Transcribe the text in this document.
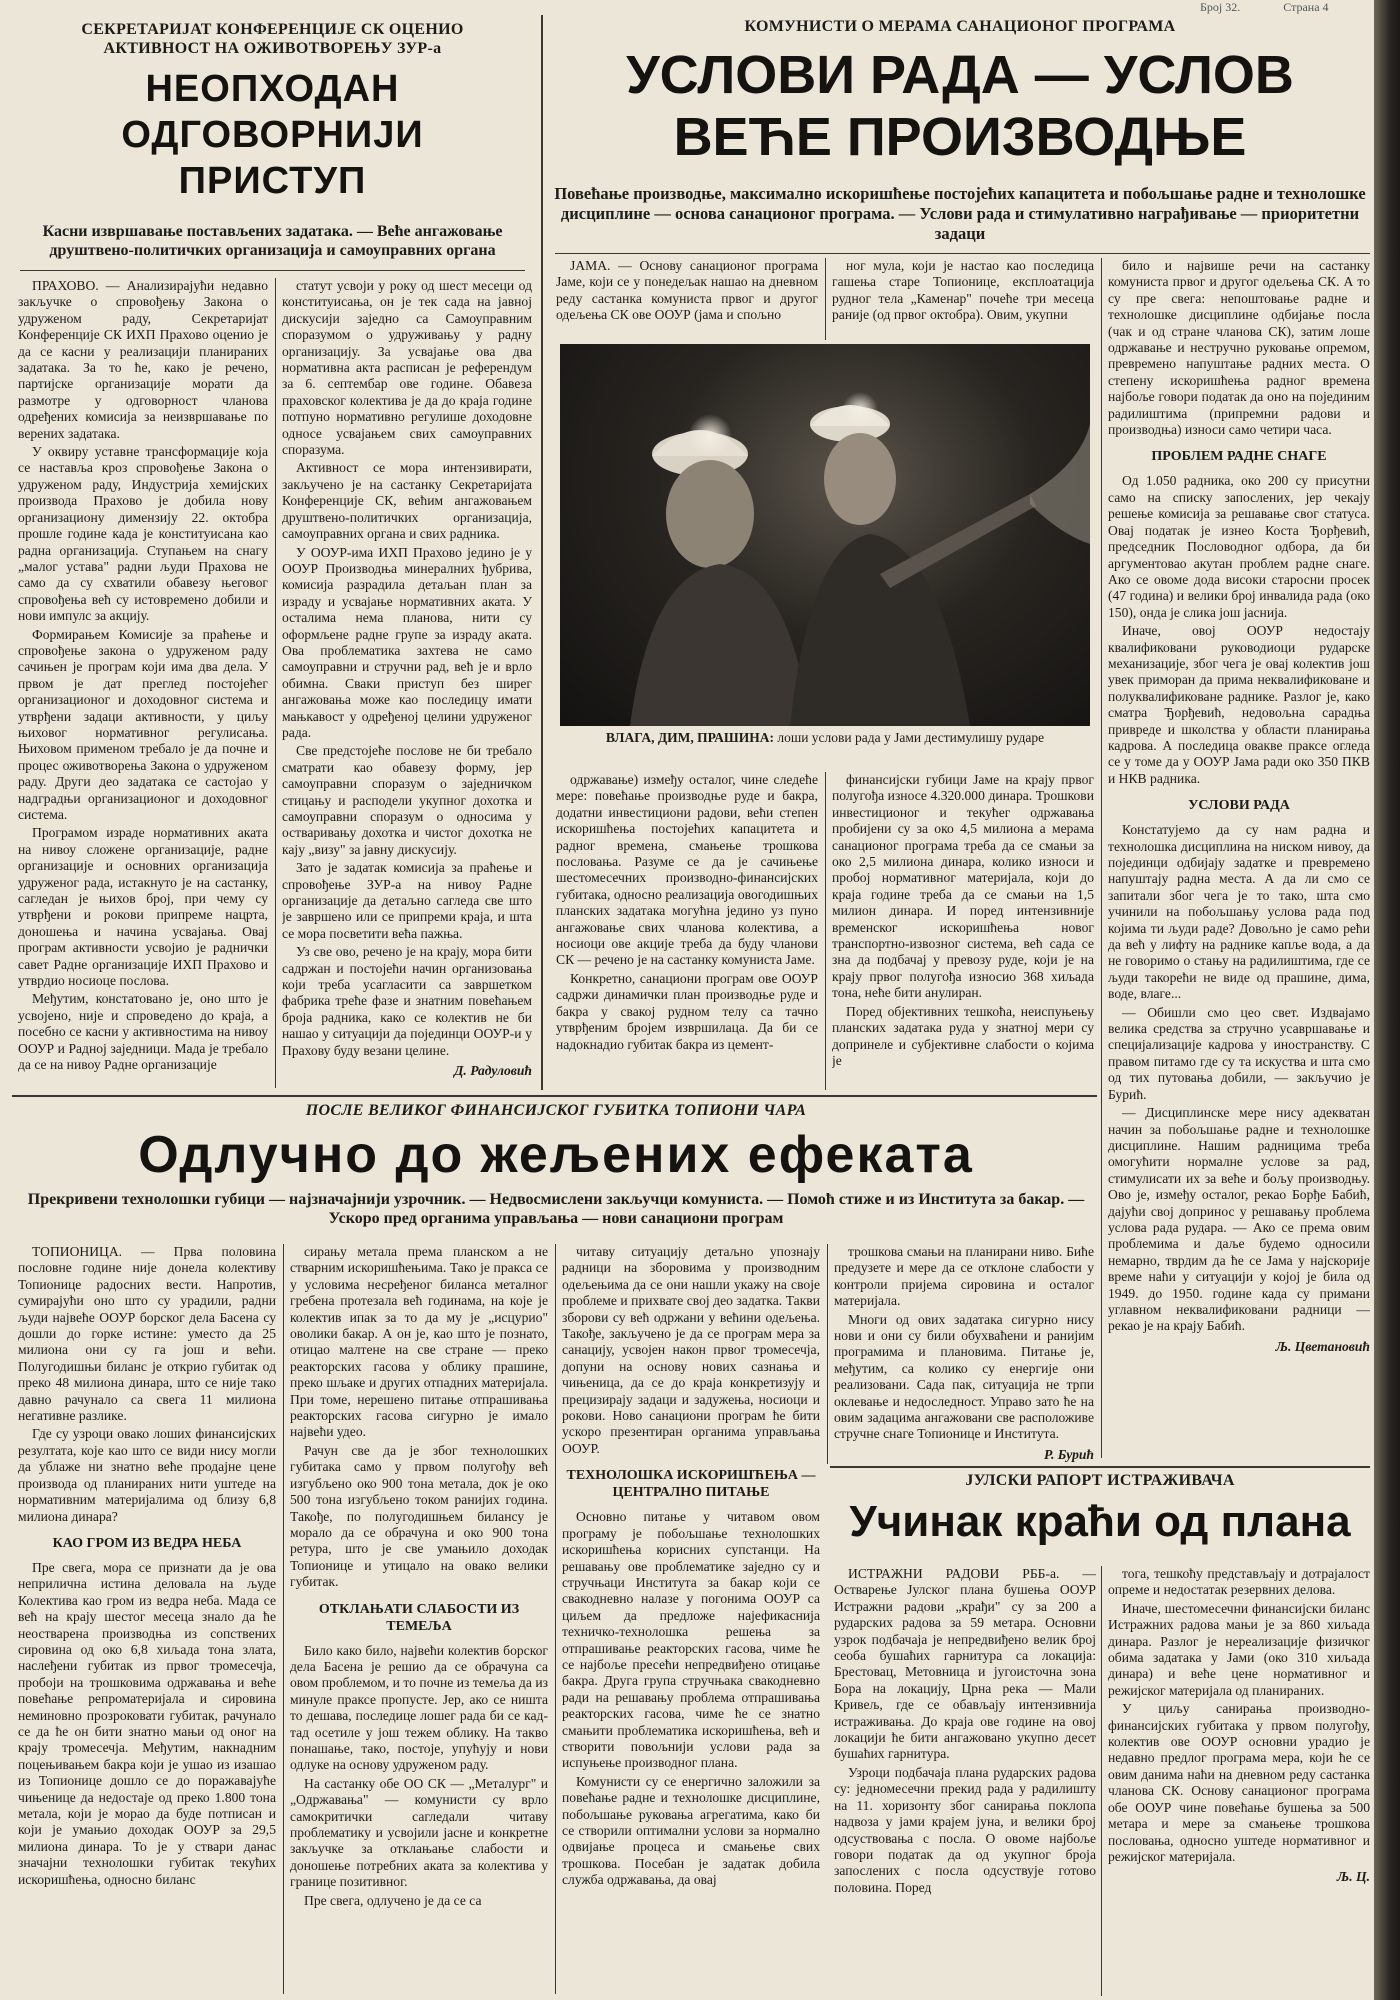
Број 32.	Страна 4
СЕКРЕТАРИЈАТ КОНФЕРЕНЦИЈЕ СК ОЦЕНИО АКТИВНОСТ НА ОЖИВОТВОРЕЊУ ЗУР-а
НЕОПХОДАН ОДГОВОРНИЈИ ПРИСТУП
Касни извршавање постављених задатака. — Веће ангажовање друштвено-политичких организација и самоуправних органа

ПРАХОВО. — Анализирајући недавно закључке о спровођењу Закона о удруженом раду, Секретаријат Конференције СК ИХП Прахово оценио је да се касни у реализацији планираних задатака. За то ће, како је речено, партијске организације морати да размотре у одговорност чланова одређених комисија за неизвршавање по верених задатака.

У оквиру уставне трансформације која се наставља кроз спровођење Закона о удруженом раду, Индустрија хемијских производа Прахово је добила нову организациону димензију 22. октобра прошле године када је конституисана као радна организација. Ступањем на снагу „малог устава" радни људи Прахова не само да су схватили обавезу његовог спровођења већ су истовремено добили и нови импулс за акцију.

Формирањем Комисије за праћење и спровођење закона о удруженом раду сачињен је програм који има два дела. У првом је дат преглед постојећег организационог и доходовног система и утврђени задаци активности, у циљу њиховог нормативног регулисања. Њиховом применом требало је да почне и процес оживотворења Закона о удруженом раду. Други део задатака се састојао у надградњи организационог и доходовног система.

Програмом израде нормативних аката на нивоу сложене организације, радне организације и основних организација удруженог рада, истакнуто је на састанку, сагледан је њихов број, при чему су утврђени и рокови припреме нацрта, доношења и начина усвајања. Овај програм активности усвојио је раднички савет Радне организације ИХП Прахово и утврдио носиоце послова.

Међутим, констатовано је, оно што је усвојено, није и спроведено до краја, а посебно се касни у активностима на нивоу ООУР и Радној заједници. Мада је требало да се на нивоу Радне организације

статут усвоји у року од шест месеци од конституисања, он је тек сада на јавној дискусији заједно са Самоуправним споразумом о удруживању у радну организацију. За усвајање ова два нормативна акта расписан је референдум за 6. септембар ове године. Обавеза праховског колектива је да до краја године потпуно нормативно регулише доходовне односе усвајањем свих самоуправних споразума.

Активност се мора интензивирати, закључено је на састанку Секретаријата Конференције СК, већим ангажовањем друштвено-политичких организација, самоуправних органа и свих радника.

У ООУР-има ИХП Прахово једино је у ООУР Производња минералних ђубрива, комисија разрадила детаљан план за израду и усвајање нормативних аката. У осталима нема планова, нити су оформљене радне групе за израду аката. Ова проблематика захтева не само самоуправни и стручни рад, већ је и врло обимна. Сваки приступ без ширег ангажовања може као последицу имати мањкавост у одређеној целини удруженог рада.

Све предстојеће послове не би требало сматрати као обавезу форму, јер самоуправни споразум о заједничком стицању и расподели укупног дохотка и самоуправни споразум о односима у остваривању дохотка и чистог дохотка не кају „визу" за јавну дискусију.

Зато је задатак комисија за праћење и спровођење ЗУР-а на нивоу Радне организације да детаљно сагледа све што је завршено или се припреми краја, и шта се мора посветити већа пажња.

Уз све ово, речено је на крају, мора бити садржан и постојећи начин организовања који треба усагласити са завршетком фабрика треће фазе и знатним повећањем броја радника, како се колектив не би нашао у ситуацији да појединци ООУР-и у Прахову буду везани целине.

Д. Радуловић

КОМУНИСТИ О МЕРАМА САНАЦИОНОГ ПРОГРАМА
УСЛОВИ РАДА — УСЛОВ ВЕЋЕ ПРОИЗВОДЊЕ
Повећање производње, максимално искоришћење постојећих капацитета и побољшање радне и технолошке дисциплине — основа санационог програма. — Услови рада и стимулативно награђивање — приоритетни задаци

ЈАМА. — Основу санационог програма Јаме, који се у понедељак нашао на дневном реду састанка комуниста првог и другог одељења СК ове ООУР (јама и спољно

ног мула, који је настао као последица гашења старе Топионице, експлоатација рудног тела „Каменар" почеће три месеца раније (од првог октобра). Овим, укупни

ВЛАГА, ДИМ, ПРАШИНА: лоши услови рада у Јами дестимулишу рударе

одржавање) између осталог, чине следеће мере: повећање производње руде и бакра, додатни инвестициони радови, већи степен искоришћења постојећих капацитета и радног времена, смањење трошкова пословања. Разуме се да је сачињење шестомесечних производно-финансијских губитака, односно реализација овогодишњих планских задатака могућна једино уз пуно ангажовање свих чланова колектива, а носиоци ове акције треба да буду чланови СК — речено је на састанку комуниста Јаме.

Конкретно, санациони програм ове ООУР садржи динамички план производње руде и бакра у свакој рудном телу са тачно утврђеним бројем извршилаца. Да би се надокнадио губитак бакра из цемент-

финансијски губици Јаме на крају првог полугођа износе 4.320.000 динара. Трошкови инвестиционог и текућег одржавања пробијени су за око 4,5 милиона а мерама санационог програма треба да се смањи за око 2,5 милиона динара, колико износи и пробој нормативног материјала, који до краја године треба да се смањи на 1,5 милион динара. И поред интензивније временског искоришћења новог транспортно-извозног система, већ сада се зна да подбачај у превозу руде, који је на крају првог полугођа износио 368 хиљада тона, неће бити анулиран.

Поред објективних тешкоћа, неиспуњењу планских задатака руда у знатној мери су допринеле и субјективне слабости о којима је

било и највише речи на састанку комуниста првог и другог одељења СК. А то су пре свега: непоштовање радне и технолошке дисциплине одбијање посла (чак и од стране чланова СК), затим лоше одржавање и нестручно руковање опремом, превремено напуштање радних места. О степену искоришћења радног времена најбоље говори податак да оно на појединим радилиштима (припремни радови и производња) износи само четири часа.

ПРОБЛЕМ РАДНЕ СНАГЕ

Од 1.050 радника, око 200 су присутни само на списку запослених, јер чекају решење комисија за решавање свог статуса. Овај податак је изнео Коста Ђорђевић, председник Пословодног одбора, да би аргументовао акутан проблем радне снаге. Ако се овоме дода високи старосни просек (47 година) и велики број инвалида рада (око 150), онда је слика још јаснија.

Иначе, овој ООУР недостају квалификовани руководиоци рударске механизације, због чега је овај колектив још увек приморан да прима неквалификоване и полуквалификоване раднике. Разлог је, како сматра Ђорђевић, недовољна сарадња привреде и школства у области планирања кадрова. А последица овакве праксе огледа се у томе да у ООУР Јама ради око 350 ПКВ и НКВ радника.

УСЛОВИ РАДА

Констатујемо да су нам радна и технолошка дисциплина на ниском нивоу, да појединци одбијају задатке и превремено напуштају радна места. А да ли смо се запитали због чега је то тако, шта смо учинили на побољшању услова рада под којима ти људи раде? Довољно је само рећи да већ у лифту на раднике капље вода, а да не говоримо о стању на радилиштима, где се људи такорећи не виде од прашине, дима, воде, влаге...

— Обишли смо цео свет. Издвајамо велика средства за стручно усавршавање и специјализације кадрова у иностранству. С правом питамо где су та искуства и шта смо од тих путовања добили, — закључио је Бурић.

— Дисциплинске мере нису адекватан начин за побољшање радне и технолошке дисциплине. Нашим радницима треба омогућити нормалне услове за рад, стимулисати их за веће и бољу производњу. Ово је, између осталог, рекао Борђе Бабић, дајући свој допринос у решавању проблема услова рада рудара. — Ако се према овим проблемима и даље будемо односили немарно, тврдим да ће се Јама у најскорије време наћи у ситуацији у којој је била од 1949. до 1950. године када су примани углавном неквалификовани радници — рекао је на крају Бабић.

Љ. Цветановић

ПОСЛЕ ВЕЛИКОГ ФИНАНСИЈСКОГ ГУБИТКА ТОПИОНИ ЧАРА
Одлучно до жељених ефеката
Прекривени технолошки губици — најзначајнији узрочник. — Недвосмислени закључци комуниста. — Помоћ стиже и из Института за бакар. — Ускоро пред органима управљања — нови санациони програм

ТОПИОНИЦА. — Прва половина пословне године није донела колективу Топионице радосних вести. Напротив, сумирајући оно што су урадили, радни људи највеће ООУР борског дела Басена су дошли до горке истине: уместо да 25 милиона они су га још и већи. Полугодишњи биланс је открио губитак од преко 48 милиона динара, што се није тако давно рачунало са свега 11 милиона негативне разлике.

Где су узроци овако лоших финансијских резултата, које као што се види нису могли да ублаже ни знатно веће продајне цене производа од планираних нити уштеде на нормативним материјалима од близу 6,8 милиона динара?

КАО ГРОМ ИЗ ВЕДРА НЕБА

Пре свега, мора се признати да је ова неприлична истина деловала на људе Колектива као гром из ведра неба. Мада се већ на крају шестог месеца знало да ће неостварена производња из сопствених сировина од око 6,8 хиљада тона злата, наслеђени губитак из првог тромесечја, пробоји на трошковима одржавања и веће повећање репроматеријала и сировина неминовно прозроковати губитак, рачунало се да ће он бити знатно мањи од оног на крају тромесечја. Међутим, накнадним поцењивањем бакра који је ушао из изашао из Топионице дошло се до поражавајуће чињенице да недостаје од преко 1.800 тона метала, који је морао да буде потписан и који је умањио доходак ООУР за 29,5 милиона динара. То је у ствари данас значајни технолошки губитак текућих искоришћења, односно биланс

сирању метала према планском а не стварним искоришћењима. Тако је пракса се у условима несређеног биланса металног гребена протезала већ годинама, на које је колектив ипак за то да му је „исцурио" оволики бакар. А он је, као што је познато, отицао малтене на све стране — преко реакторских гасова у облику прашине, преко шљаке и других отпадних материјала. При томе, нерешено питање отпрашивања реакторских гасова сигурно је имало највећи удео.

Рачун све да је због технолошких губитака само у првом полугођу већ изгубљено око 900 тона метала, док је око 500 тона изгубљено током ранијих година. Такође, по полугодишњем билансу је морало да се обрачуна и око 900 тона ретура, што је све умањило доходак Топионице и утицало на овако велики губитак.

ОТКЛАЊАТИ СЛАБОСТИ ИЗ ТЕМЕЉА

Било како било, највећи колектив борског дела Басена је решио да се обрачуна са овом проблемом, и то почне из темеља да из минуле праксе пропусте. Јер, ако се ништа то дешава, последице лошег рада би се кад-тад осетиле у још тежем облику. На такво понашање, тако, постоје, упућују и нови одлуке на основу удруженом раду.

На састанку обе ОО СК — „Металург" и „Одржавања" — комунисти су врло самокритички сагледали читаву проблематику и усвојили јасне и конкретне закључке за отклањање слабости и доношење потребних аката за колектива у границе позитивног.

Пре свега, одлучено је да се са

читаву ситуацију детаљно упознају радници на зборовима у производним одељењима да се они нашли укажу на своје проблеме и прихвате свој део задатка. Такви зборови су већ одржани у већини одељења. Такође, закључено је да се програм мера за санацију, усвојен након првог тромесечја, допуни на основу нових сазнања и чињеница, да се до краја конкретизују и прецизирају задаци и задужења, носиоци и рокови. Ново санациони програм ће бити ускоро презентиран органима управљања ООУР.

ТЕХНОЛОШКА ИСКОРИШЋЕЊА — ЦЕНТРАЛНО ПИТАЊЕ

Основно питање у читавом овом програму је побољшање технолошких искоришћења корисних супстанци. На решавању ове проблематике заједно су и стручњаци Института за бакар који се свакодневно налазе у погонима ООУР са циљем да предложе најефикаснија техничко-технолошка решења за отпрашивање реакторских гасова, чиме ће се најбоље пресећи непредвиђено отицање бакра. Друга група стручњака свакодневно ради на решавању проблема отпрашивања реакторских гасова, чиме ће се знатно смањити проблематика искоришћења, већ и створити повољнији услови рада за испуњење производног плана.

Комунисти су се енергично заложили за повећање радне и технолошке дисциплине, побољшање руковања агрегатима, како би се створили оптимални услови за нормално одвијање процеса и смањење свих трошкова. Посебан је задатак добила служба одржавања, да овај

трошкова смањи на планирани ниво. Биће предузете и мере да се отклоне слабости у контроли пријема сировина и осталог материјала.

Многи од ових задатака сигурно нису нови и они су били обухваћени и ранијим програмима и плановима. Питање је, међутим, са колико су енергије они реализовани. Сада пак, ситуација не трпи оклевање и недоследност. Управо зато ће на овим задацима ангажовани све расположиве стручне снаге Топионице и Института.

Р. Бурић

ЈУЛСКИ РАПОРТ ИСТРАЖИВАЧА
Учинак краћи од плана

ИСТРАЖНИ РАДОВИ РББ-а. — Остварење Јулског плана бушења ООУР Истражни радови „крађи" су за 200 а рударских радова за 59 метара. Основни узрок подбачаја је непредвиђено велик број сеоба бушаћих гарнитура са локација: Брестовац, Метовница и југоисточна зона Бора на локацију, Црна река — Мали Кривељ, где се обављају интензивнија истраживања. До краја ове године на овој локацији ће бити ангажовано укупно десет бушаћих гарнитура.

Узроци подбачаја плана рударских радова су: једномесечни прекид рада у радилишту на 11. хоризонту због санирања поклопа надвоза у јами крајем јуна, и велики број одсуствовања с посла. О овоме најбоље говори податак да од укупног броја запослених с посла одсуствује готово половина. Поред

тога, тешкоћу представљају и дотрајалост опреме и недостатак резервних делова.

Иначе, шестомесечни финансијски биланс Истражних радова мањи је за 860 хиљада динара. Разлог је нереализације физичког обима задатака у Јами (око 310 хиљада динара) и веће цене нормативног и режијског материјала од планираних.

У циљу санирања производно-финансијских губитака у првом полугођу, колектив ове ООУР основни урадио је недавно предлог програма мера, који ће се овим данима наћи на дневном реду састанка чланова СК. Основу санационог програма обе ООУР чине повећање бушења за 500 метара и мере за смањење трошкова пословања, односно уштеде нормативног и режијског материјала.

Љ. Ц.
